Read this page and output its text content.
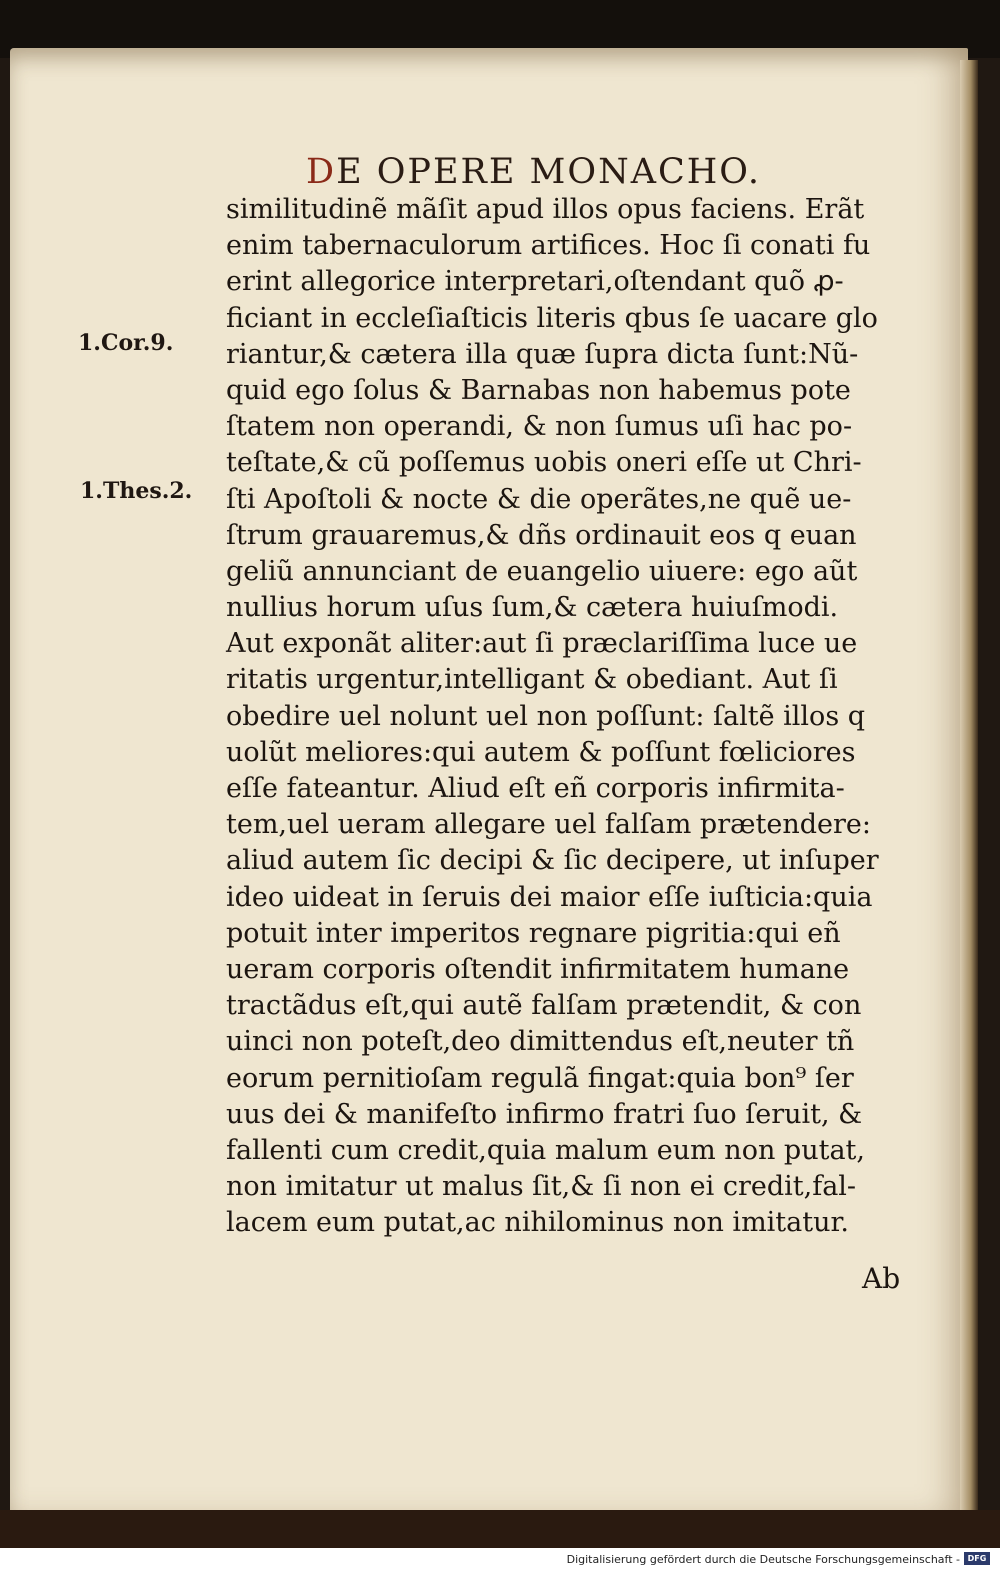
DE OPERE MONACHO.
1.Cor.9.
1.Thes.2.
similitudinẽ mãſit apud illos opus faciens. Erãt
enim tabernaculorum artifices. Hoc ſi conati fu
erint allegorice interpretari,oſtendant quõ ꝓ-
ficiant in eccleſiaſticis literis qbus ſe uacare glo
riantur,& cætera illa quæ ſupra dicta ſunt:Nũ-
quid ego ſolus & Barnabas non habemus pote
ſtatem non operandi, & non ſumus uſi hac po-
teſtate,& cũ poſſemus uobis oneri eſſe ut Chri-
ſti Apoſtoli & nocte & die operãtes,ne quẽ ue-
ſtrum grauaremus,& dñs ordinauit eos q euan
geliũ annunciant de euangelio uiuere: ego aũt
nullius horum uſus ſum,& cætera huiuſmodi.
Aut exponãt aliter:aut ſi præclariſſima luce ue
ritatis urgentur,intelligant & obediant. Aut ſi
obedire uel nolunt uel non poſſunt: ſaltẽ illos q
uolũt meliores:qui autem & poſſunt fœliciores
eſſe fateantur. Aliud eſt eñ corporis infirmita-
tem,uel ueram allegare uel falſam prætendere:
aliud autem ſic decipi & ſic decipere, ut inſuper
ideo uideat in ſeruis dei maior eſſe iuſticia:quia
potuit inter imperitos regnare pigritia:qui eñ
ueram corporis oſtendit infirmitatem humane
tractãdus eſt,qui autẽ falſam prætendit, & con
uinci non poteſt,deo dimittendus eſt,neuter tñ
eorum pernitioſam regulã fingat:quia bon⁹ ſer
uus dei & manifeſto infirmo fratri ſuo ſeruit, &
fallenti cum credit,quia malum eum non putat,
non imitatur ut malus ſit,& ſi non ei credit,fal-
lacem eum putat,ac nihilominus non imitatur.
Ab
Digitalisierung gefördert durch die Deutsche Forschungsgemeinschaft - DFG
